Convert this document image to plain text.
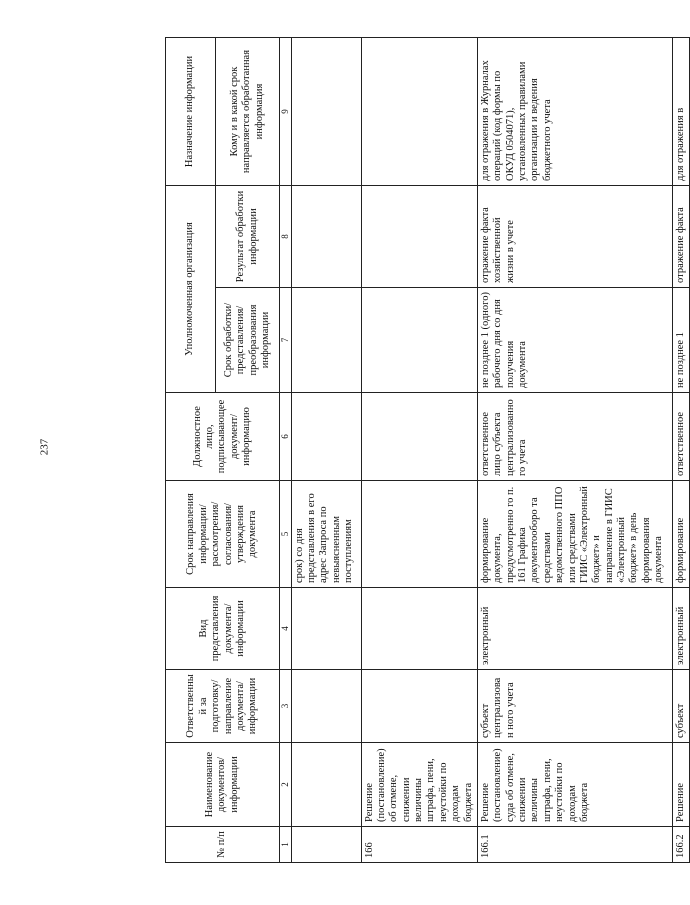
237
№ п/п	Наименование документов/ информации	Ответственный за подготовку/ направление документа/ информации	Вид представления документа/ информации	Срок направления информации/ рассмотрения/ согласования/ утверждения документа	Должностное лицо, подписывающее документ/ информацию	Уполномоченная организация		Назначение информации
						Срок обработки/ представления/ преобразования информации	Результат обработки информации	Кому и в какой срок направляется обработанная информация
1	2	3	4	5	6	7	8	9
				срок) со дня представления в его адрес Запроса по невыясненным поступлениям				
166	Решение (постановление) об отмене, снижении величины штрафа, пени, неустойки по доходам бюджета							
166.1	Решение (постановление) суда об отмене, снижении величины штрафа, пени, неустойки по доходам бюджета	субъект централизован ного учета	электронный	формирование документа, предусмотренно го п. 161 Графика документооборо та средствами ведомственного ППО или средствами ГИИС «Электронный бюджет» и направление в ГИИС «Электронный бюджет» в день формирования документа	ответственное лицо субъекта централизованно го учета	не позднее 1 (одного) рабочего дня со дня получения документа	отражение факта хозяйственной жизни в учете	для отражения в Журналах операций (код формы по ОКУД 0504071), установленных правилами организации и ведения бюджетного учета
166.2	Решение	субъект	электронный	формирование	ответственное	не позднее 1	отражение факта	для отражения в
